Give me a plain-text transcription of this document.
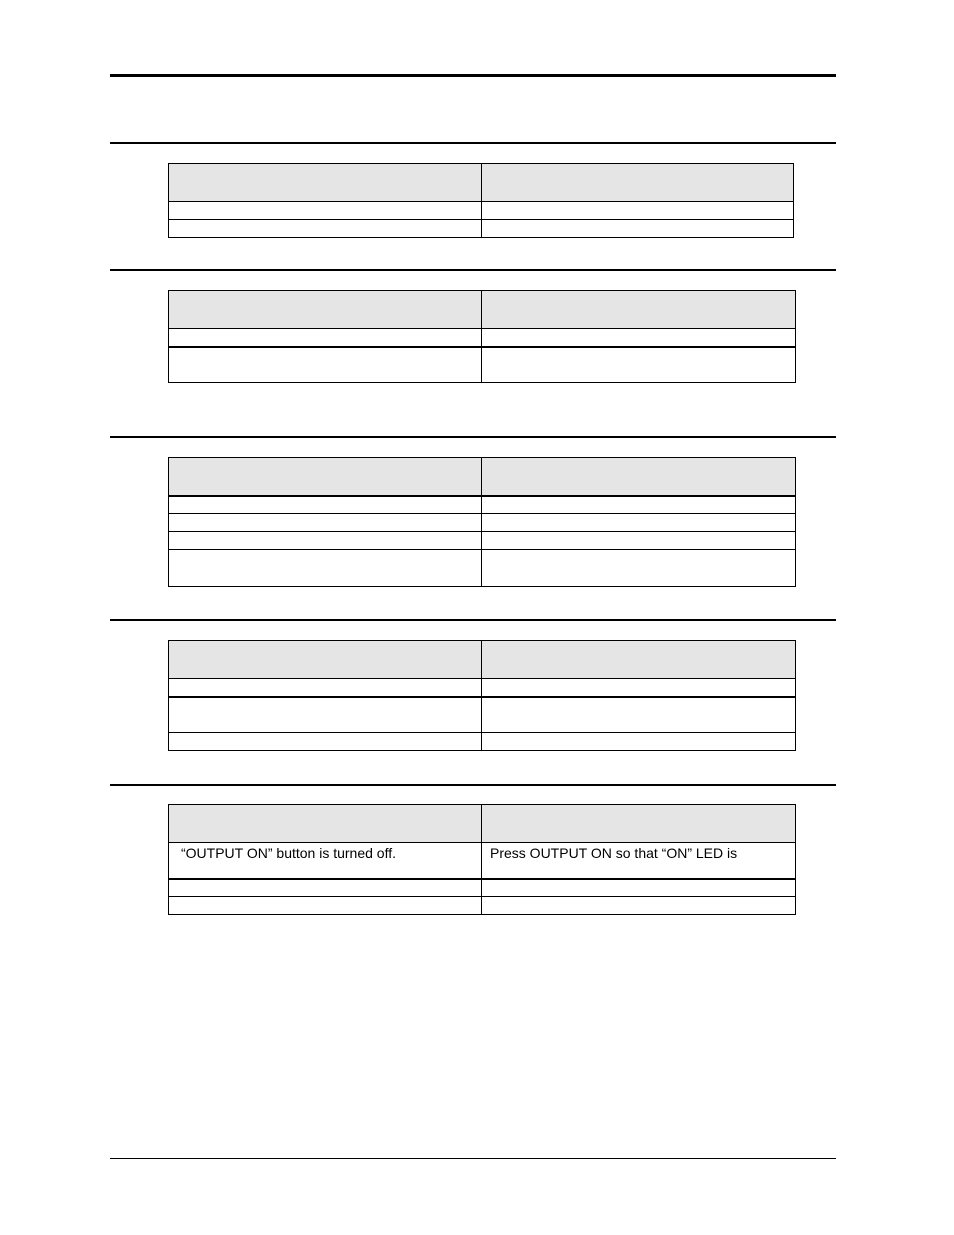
“OUTPUT ON” button is turned off.	Press OUTPUT ON so that “ON” LED is
